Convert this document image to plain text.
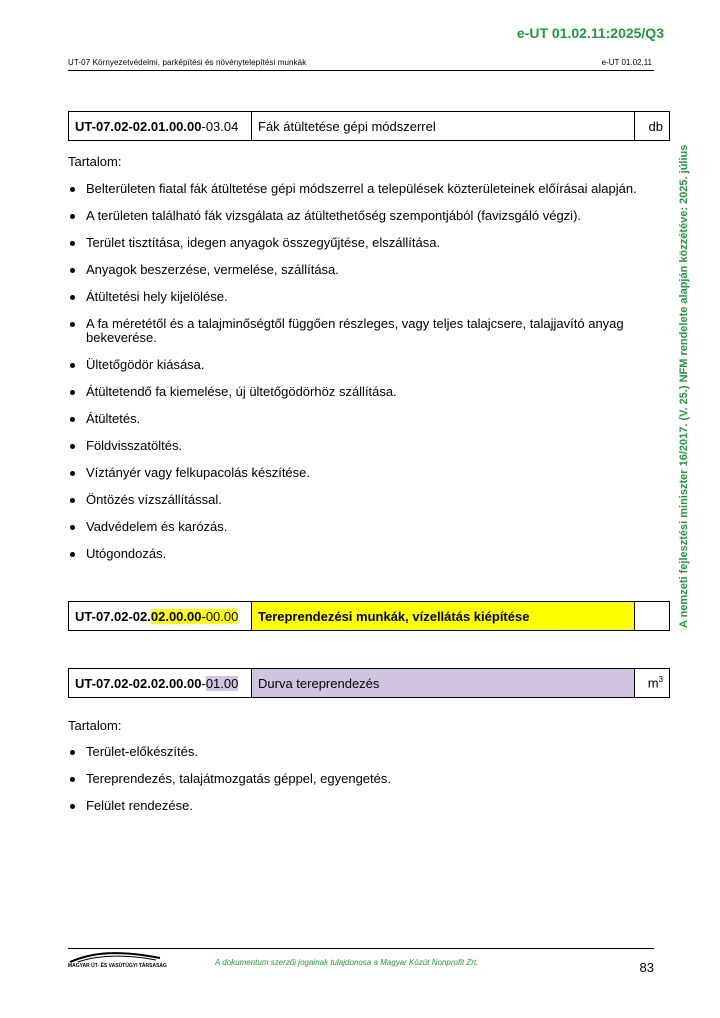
e-UT 01.02.11:2025/Q3
UT-07 Környezetvédelmi, parképítési és növénytelepítési munkák	e-UT 01.02.11
A nemzeti fejlesztési miniszter 16/2017. (V. 25.) NFM rendelete alapján közzétéve: 2025. július
UT-07.02-02.01.00.00-03.04	Fák átültetése gépi módszerrel	db
Tartalom:
Belterületen fiatal fák átültetése gépi módszerrel a települések közterületeinek előírásai alapján.
A területen található fák vizsgálata az átültethetőség szempontjából (favizsgáló végzi).
Terület tisztítása, idegen anyagok összegyűjtése, elszállítása.
Anyagok beszerzése, vermelése, szállítása.
Átültetési hely kijelölése.
A fa méretétől és a talajminőségtől függően részleges, vagy teljes talajcsere, talajjavító anyag bekeverése.
Ültetőgödör kiásása.
Átültetendő fa kiemelése, új ültetőgödörhöz szállítása.
Átültetés.
Földvisszatöltés.
Víztányér vagy felkupacolás készítése.
Öntözés vízszállítással.
Vadvédelem és karózás.
Utógondozás.
UT-07.02-02.02.00.00-00.00	Tereprendezési munkák, vízellátás kiépítése	
UT-07.02-02.02.00.00-01.00	Durva tereprendezés	$m^3$
Tartalom:
Terület-előkészítés.
Tereprendezés, talajátmozgatás géppel, egyengetés.
Felület rendezése.
MAGYAR ÚT- ÉS VASÚTÜGYI TÁRSASÁG	A dokumentum szerzői jogainak tulajdonosa a Magyar Közút Nonprofit Zrt.	83
